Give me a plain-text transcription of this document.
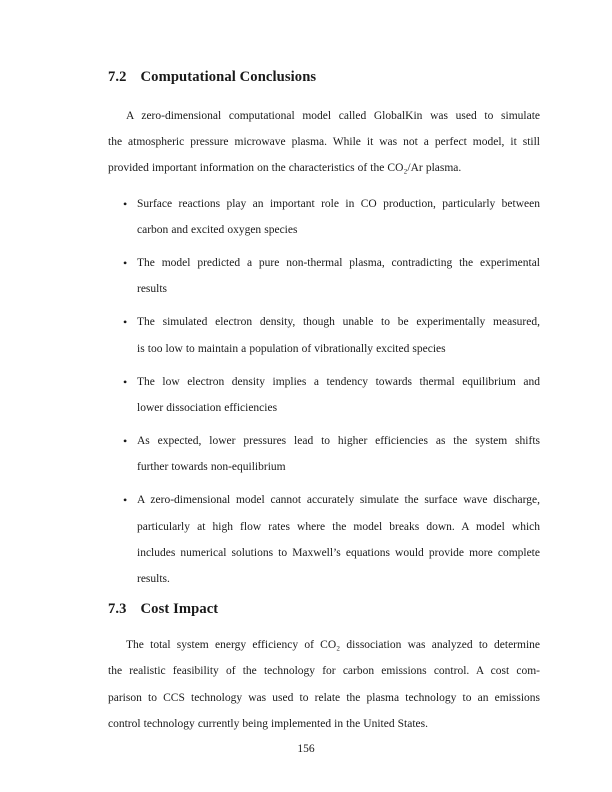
7.2 Computational Conclusions
A zero-dimensional computational model called GlobalKin was used to simulate
the atmospheric pressure microwave plasma. While it was not a perfect model, it still
provided important information on the characteristics of the CO₂/Ar plasma.
• Surface reactions play an important role in CO production, particularly between
carbon and excited oxygen species
• The model predicted a pure non-thermal plasma, contradicting the experimental
results
• The simulated electron density, though unable to be experimentally measured,
is too low to maintain a population of vibrationally excited species
• The low electron density implies a tendency towards thermal equilibrium and
lower dissociation efficiencies
• As expected, lower pressures lead to higher efficiencies as the system shifts
further towards non-equilibrium
• A zero-dimensional model cannot accurately simulate the surface wave discharge,
particularly at high flow rates where the model breaks down. A model which
includes numerical solutions to Maxwell’s equations would provide more complete
results.
7.3 Cost Impact
The total system energy efficiency of CO₂ dissociation was analyzed to determine
the realistic feasibility of the technology for carbon emissions control. A cost com-
parison to CCS technology was used to relate the plasma technology to an emissions
control technology currently being implemented in the United States.
156
